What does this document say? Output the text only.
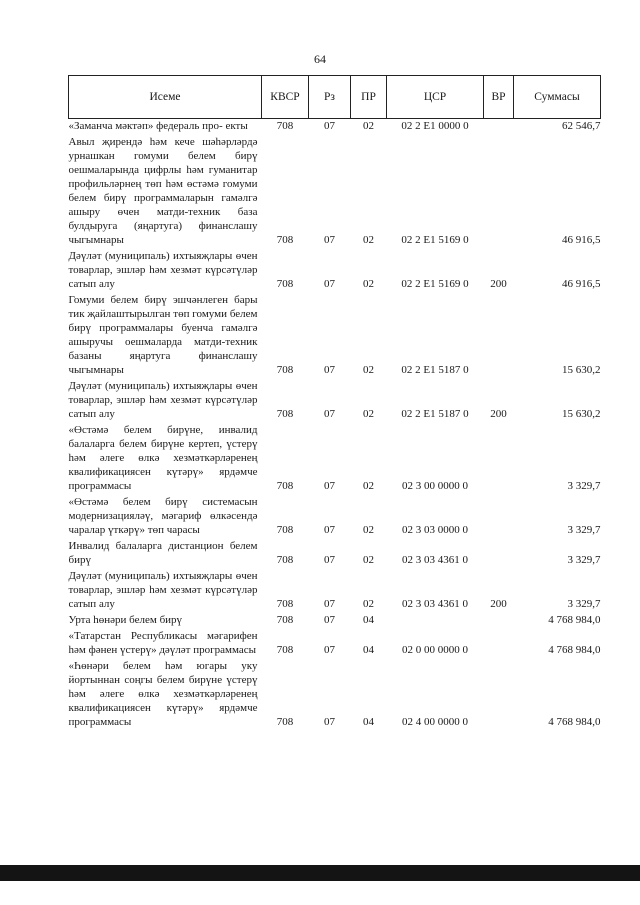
64
Исеме	КВСР	Рз	ПР	ЦСР	ВР	Суммасы
«Заманча мәктәп» федераль про- екты	708	07	02	02 2 E1 0000 0		62 546,7
Авыл җирендә һәм кече шәһәрләрдә урнашкан гомуми белем бирү оешмаларында цифрлы һәм гуманитар профильләрнең төп һәм өстәмә гомуми белем бирү программаларын гамәлгә ашыру өчен матди-техник база булдыруга (яңартуга) финанслашу чыгымнары	708	07	02	02 2 E1 5169 0		46 916,5
Дәүләт (муниципаль) ихтыяҗлары өчен товарлар, эшләр һәм хезмәт күрсәтүләр сатып алу	708	07	02	02 2 E1 5169 0	200	46 916,5
Гомуми белем бирү эшчәнлеген бары тик җайлаштырылган төп гомуми белем бирү программалары буенча гамәлгә ашыручы оешмаларда матди-техник базаны яңартуга финанслашу чыгымнары	708	07	02	02 2 E1 5187 0		15 630,2
Дәүләт (муниципаль) ихтыяҗлары өчен товарлар, эшләр һәм хезмәт күрсәтүләр сатып алу	708	07	02	02 2 E1 5187 0	200	15 630,2
«Өстәмә белем бирүне, инвалид балаларга белем бирүне кертеп, үстерү һәм әлеге өлкә хезмәткәрләренең квалификациясен күтәрү» ярдәмче программасы	708	07	02	02 3 00 0000 0		3 329,7
«Өстәмә белем бирү системасын модернизацияләү, мәгариф өлкәсендә чаралар үткәрү» төп чарасы	708	07	02	02 3 03 0000 0		3 329,7
Инвалид балаларга дистанцион белем бирү	708	07	02	02 3 03 4361 0		3 329,7
Дәүләт (муниципаль) ихтыяҗлары өчен товарлар, эшләр һәм хезмәт күрсәтүләр сатып алу	708	07	02	02 3 03 4361 0	200	3 329,7
Урта һөнәри белем бирү	708	07	04			4 768 984,0
«Татарстан Республикасы мәгарифен һәм фәнен үстерү» дәүләт программасы	708	07	04	02 0 00 0000 0		4 768 984,0
«Һөнәри белем һәм югары уку йортыннан соңгы белем бирүне үстерү һәм әлеге өлкә хезмәткәрләренең квалификациясен күтәрү» ярдәмче программасы	708	07	04	02 4 00 0000 0		4 768 984,0
